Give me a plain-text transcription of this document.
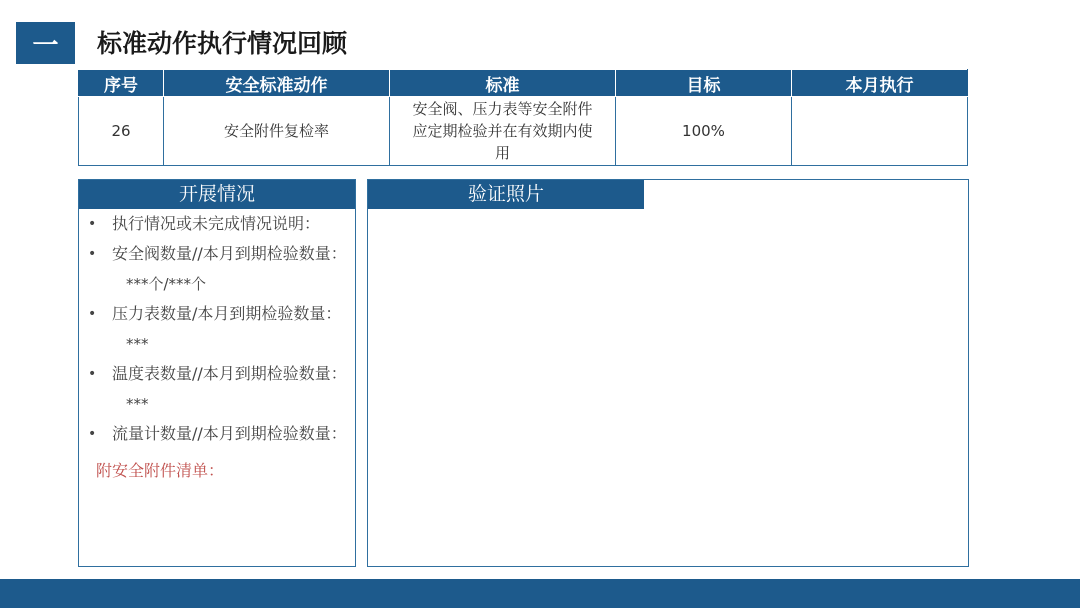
一	标准动作执行情况回顾
序号	安全标准动作	标准	目标	本月执行
26	安全附件复检率	安全阀、压力表等安全附件
应定期检验并在有效期内使
用	100%	
开展情况
• 执行情况或未完成情况说明：
• 安全阀数量//本月到期检验数量：
***个/***个
• 压力表数量/本月到期检验数量：
***
• 温度表数量//本月到期检验数量：
***
• 流量计数量//本月到期检验数量：
附安全附件清单：
验证照片
